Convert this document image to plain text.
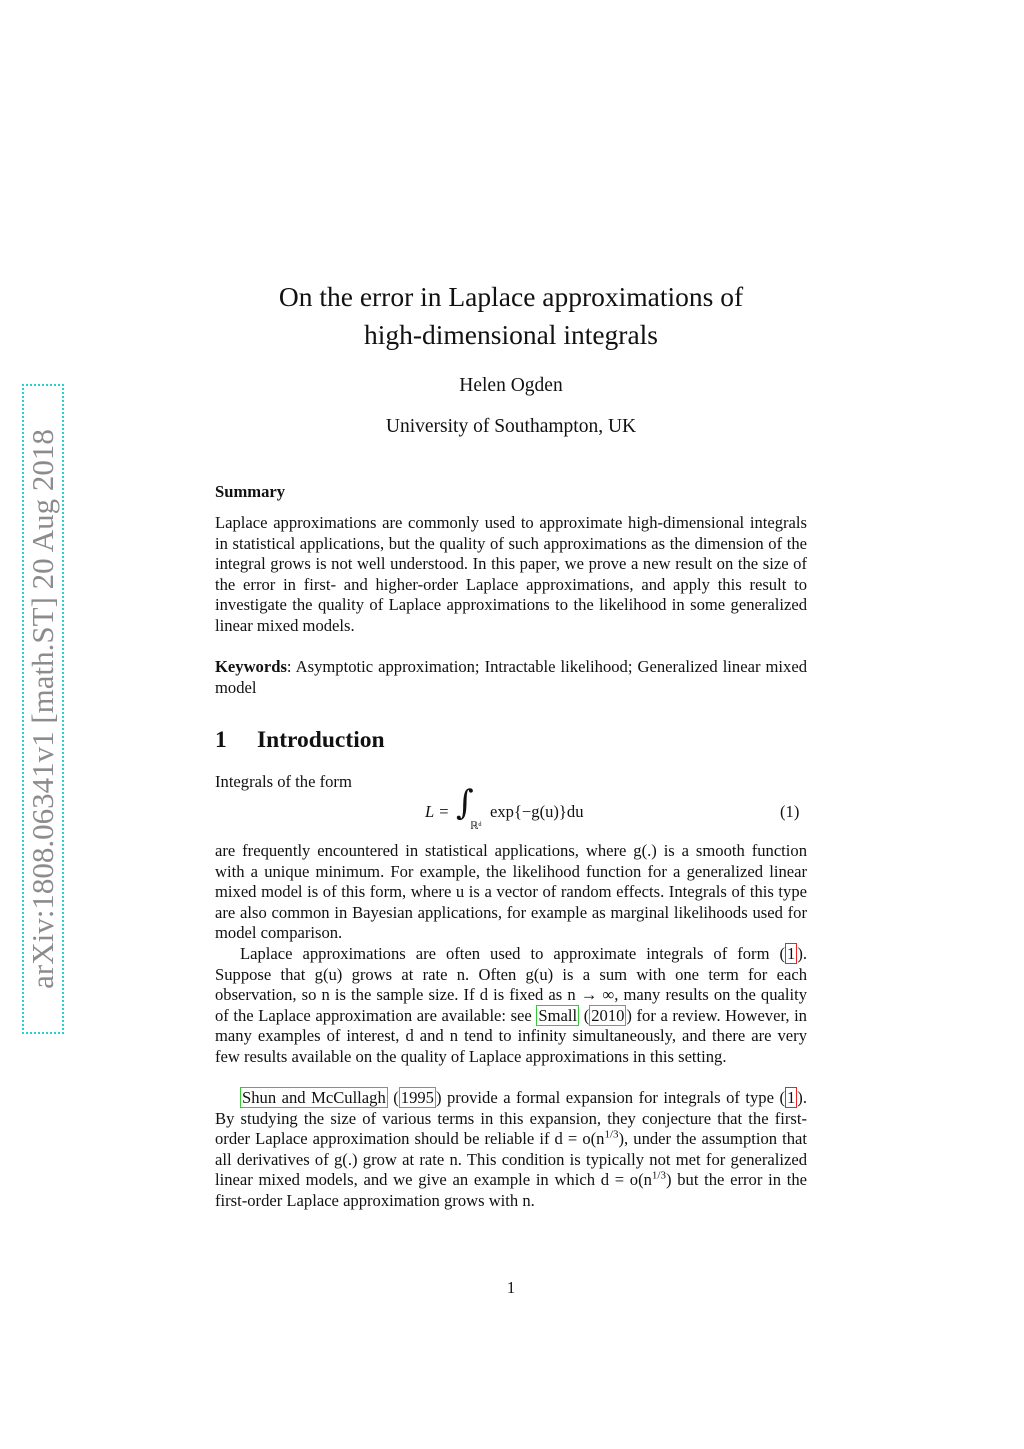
arXiv:1808.06341v1 [math.ST] 20 Aug 2018
On the error in Laplace approximations of
high-dimensional integrals
Helen Ogden
University of Southampton, UK
Summary
Laplace approximations are commonly used to approximate high-dimensional integrals in statistical applications, but the quality of such approximations as the dimension of the integral grows is not well understood. In this paper, we prove a new result on the size of the error in first- and higher-order Laplace approximations, and apply this result to investigate the quality of Laplace approximations to the likelihood in some generalized linear mixed models.
Keywords: Asymptotic approximation; Intractable likelihood; Generalized linear mixed model
1 Introduction
Integrals of the form
L = ∫
ℝᵈ
exp{−g(u)}du	(1)
are frequently encountered in statistical applications, where g(.) is a smooth function with a unique minimum. For example, the likelihood function for a generalized linear mixed model is of this form, where u is a vector of random effects. Integrals of this type are also common in Bayesian applications, for example as marginal likelihoods used for model comparison.
Laplace approximations are often used to approximate integrals of form ( 1 ). Suppose that g(u) grows at rate n. Often g(u) is a sum with one term for each observation, so n is the sample size. If d is fixed as n → ∞, many results on the quality of the Laplace approximation are available: see Small ( 2010 ) for a review. However, in many examples of interest, d and n tend to infinity simultaneously, and there are very few results available on the quality of Laplace approximations in this setting.
Shun and McCullagh ( 1995 ) provide a formal expansion for integrals of type ( 1 ). By studying the size of various terms in this expansion, they conjecture that the first-order Laplace approximation should be reliable if $d = o(n^{1/3})$, under the assumption that all derivatives of g(.) grow at rate n. This condition is typically not met for generalized linear mixed models, and we give an example in which $d = o(n^{1/3})$ but the error in the first-order Laplace approximation grows with n.
1
